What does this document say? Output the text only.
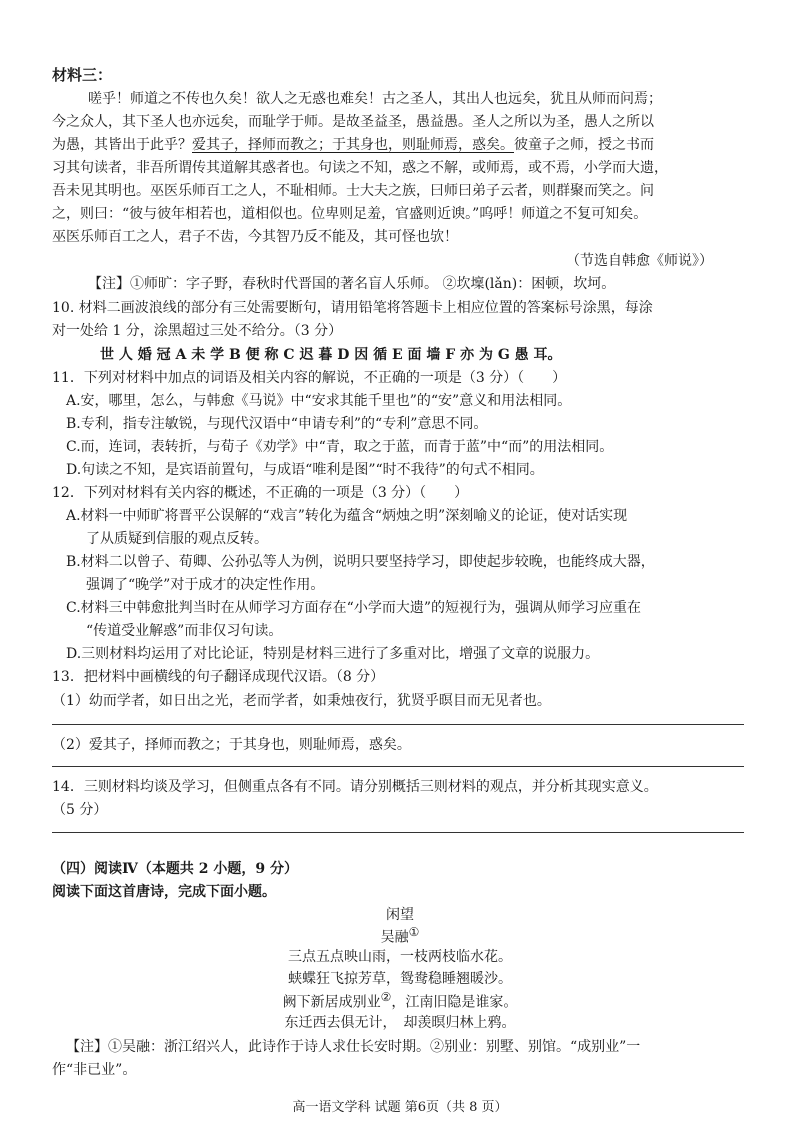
材料三：
嗟乎！师道之不传也久矣！欲人之无惑也难矣！古之圣人，其出人也远矣，犹且从师而问焉；
今之众人，其下圣人也亦远矣，而耻学于师。是故圣益圣，愚益愚。圣人之所以为圣，愚人之所以
为愚，其皆出于此乎？爱其子，择师而教之；于其身也，则耻师焉，惑矣。彼童子之师，授之书而
习其句读者，非吾所谓传其道解其惑者也。句读之不知，惑之不解，或师焉，或不焉，小学而大遗，
吾未见其明也。巫医乐师百工之人，不耻相师。士大夫之族，曰师曰弟子云者，则群聚而笑之。问
之，则曰：“彼与彼年相若也，道相似也。位卑则足羞，官盛则近谀。”呜呼！师道之不复可知矣。
巫医乐师百工之人，君子不齿，今其智乃反不能及，其可怪也欤！
（节选自韩愈《师说》）
【注】①师旷：字子野，春秋时代晋国的著名盲人乐师。 ②坎壈(lǎn)：困顿，坎坷。
10. 材料二画波浪线的部分有三处需要断句，请用铅笔将答题卡上相应位置的答案标号涂黑，每涂
对一处给 1 分，涂黑超过三处不给分。（3 分）
世 人 婚 冠 A 未 学 B 便 称 C 迟 暮 D 因 循 E 面 墙 F 亦 为 G 愚 耳。
11．下列对材料中加点的词语及相关内容的解说，不正确的一项是（3 分）（　　）
A.安，哪里，怎么，与韩愈《马说》中“安求其能千里也”的“安”意义和用法相同。
B.专利，指专注敏锐，与现代汉语中“申请专利”的“专利”意思不同。
C.而，连词，表转折，与荀子《劝学》中“青，取之于蓝，而青于蓝”中“而”的用法相同。
D.句读之不知，是宾语前置句，与成语“唯利是图”“时不我待”的句式不相同。
12．下列对材料有关内容的概述，不正确的一项是（3 分）（　　）
A.材料一中师旷将晋平公误解的“戏言”转化为蕴含“炳烛之明”深刻喻义的论证，使对话实现
了从质疑到信服的观点反转。
B.材料二以曾子、荀卿、公孙弘等人为例，说明只要坚持学习，即使起步较晚，也能终成大器，
强调了“晚学”对于成才的决定性作用。
C.材料三中韩愈批判当时在从师学习方面存在“小学而大遗”的短视行为，强调从师学习应重在
“传道受业解惑”而非仅习句读。
D.三则材料均运用了对比论证，特别是材料三进行了多重对比，增强了文章的说服力。
13．把材料中画横线的句子翻译成现代汉语。（8 分）
（1）幼而学者，如日出之光，老而学者，如秉烛夜行，犹贤乎暝目而无见者也。
（2）爱其子，择师而教之；于其身也，则耻师焉，惑矣。
14．三则材料均谈及学习，但侧重点各有不同。请分别概括三则材料的观点，并分析其现实意义。
（5 分）
（四）阅读Ⅳ（本题共 2 小题，9 分）
阅读下面这首唐诗，完成下面小题。
闲望
吴融①
三点五点映山雨，一枝两枝临水花。
蛱蝶狂飞掠芳草，鸳鸯稳睡翘暖沙。
阙下新居成别业②，江南旧隐是谁家。
东迁西去俱无计，　却羡暝归林上鸦。
【注】①吴融：浙江绍兴人，此诗作于诗人求仕长安时期。②别业：别墅、别馆。“成别业”一
作“非已业”。
高一语文学科 试题 第6页（共 8 页）
